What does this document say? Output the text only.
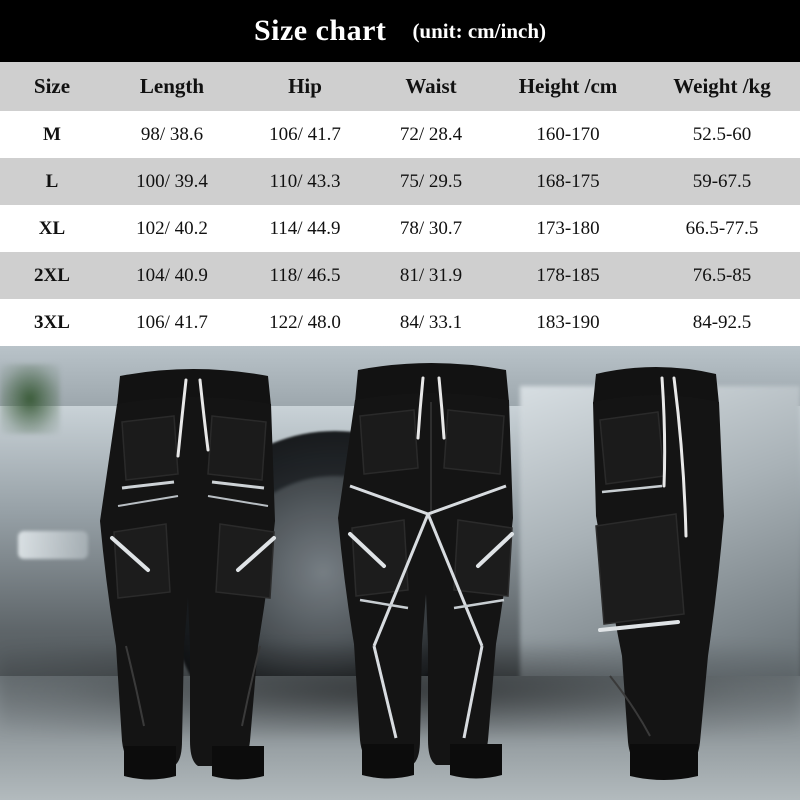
Size chart (unit: cm/inch)
Size	Length	Hip	Waist	Height /cm	Weight /kg
M	98/ 38.6	106/ 41.7	72/ 28.4	160-170	52.5-60
L	100/ 39.4	110/ 43.3	75/ 29.5	168-175	59-67.5
XL	102/ 40.2	114/ 44.9	78/ 30.7	173-180	66.5-77.5
2XL	104/ 40.9	118/ 46.5	81/ 31.9	178-185	76.5-85
3XL	106/ 41.7	122/ 48.0	84/ 33.1	183-190	84-92.5
